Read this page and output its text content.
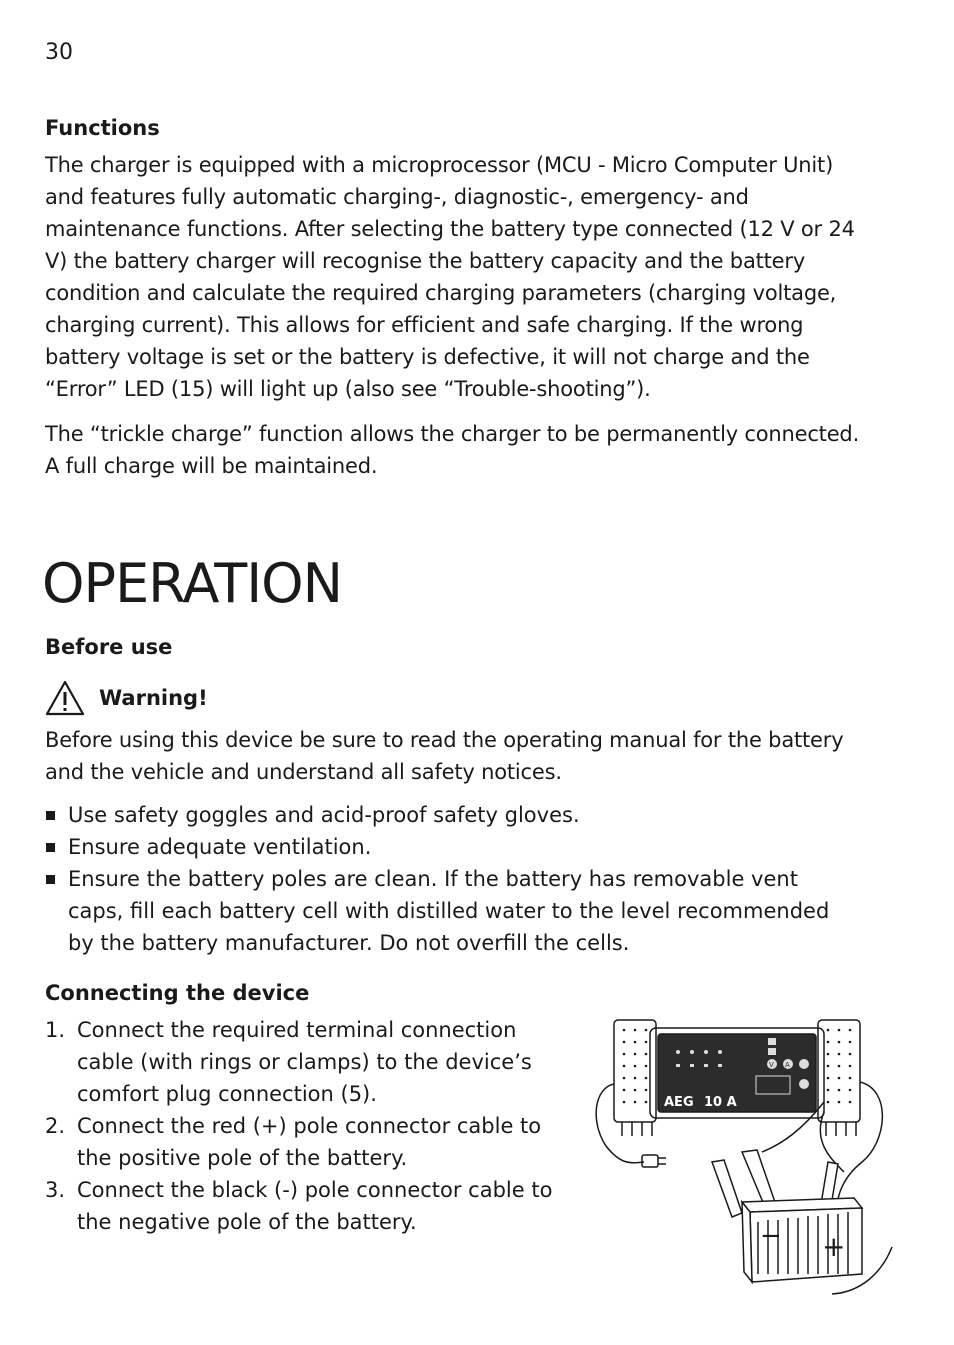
30
Functions

The charger is equipped with a microprocessor (MCU - Micro Computer Unit) and features fully automatic charging-, diagnostic-, emergency- and maintenance functions. After selecting the battery type connected (12 V or 24 V) the battery charger will recognise the battery capacity and the battery condition and calculate the required charging parameters (charging voltage, charging current). This allows for efficient and safe charging. If the wrong battery voltage is set or the battery is defective, it will not charge and the “Error” LED (15) will light up (also see “Trouble-shooting”).

The “trickle charge” function allows the charger to be permanently connected. A full charge will be maintained.

OPERATION
Before use
Warning!

Before using this device be sure to read the operating manual for the battery and the vehicle and understand all safety notices.

Use safety goggles and acid-proof safety gloves.
Ensure adequate ventilation.
Ensure the battery poles are clean. If the battery has removable vent caps, fill each battery cell with distilled water to the level recommended by the battery manufacturer. Do not overfill the cells.
Connecting the device
1. Connect the required terminal connection cable (with rings or clamps) to the device’s comfort plug connection (5).
2. Connect the red (+) pole connector cable to the positive pole of the battery.
3. Connect the black (-) pole connector cable to the negative pole of the battery.
AEG 10 A
V A
− +
